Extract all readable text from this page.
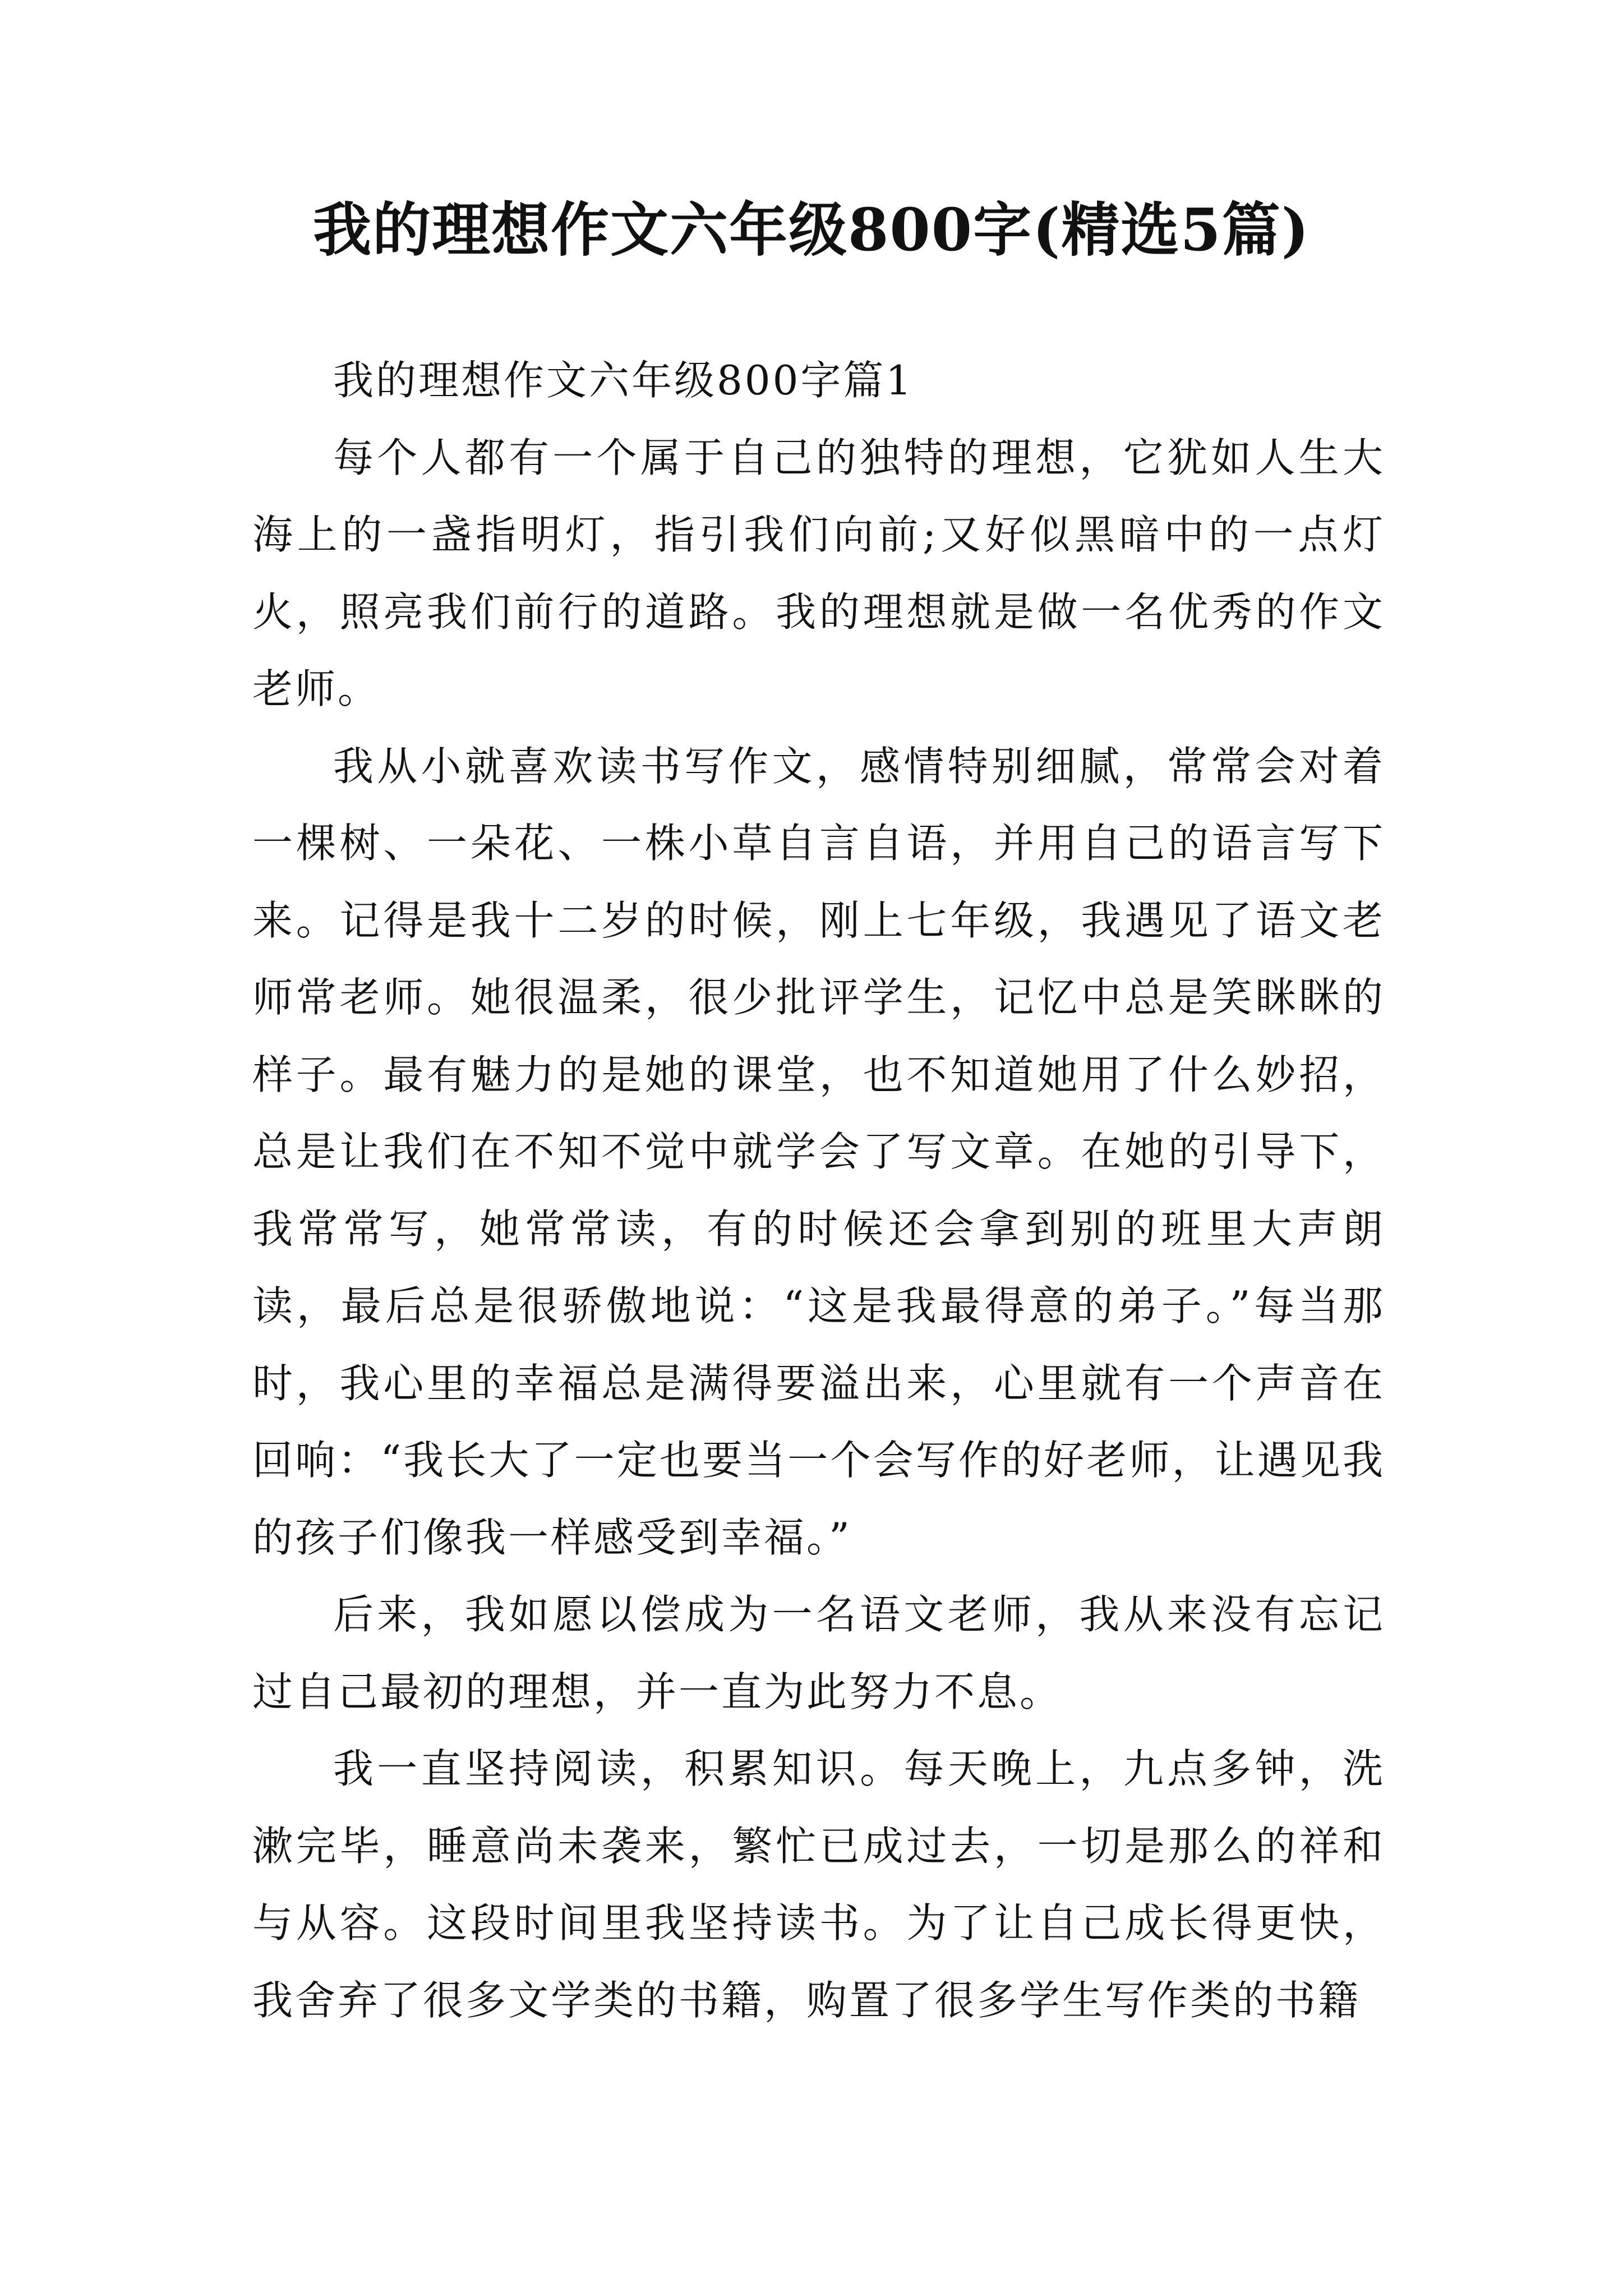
我的理想作文六年级800字(精选5篇)

我的理想作文六年级800字篇1

每个人都有一个属于自己的独特的理想，它犹如人生大海上的一盏指明灯，指引我们向前;又好似黑暗中的一点灯火，照亮我们前行的道路。我的理想就是做一名优秀的作文老师。

我从小就喜欢读书写作文，感情特别细腻，常常会对着一棵树、一朵花、一株小草自言自语，并用自己的语言写下来。记得是我十二岁的时候，刚上七年级，我遇见了语文老师常老师。她很温柔，很少批评学生，记忆中总是笑眯眯的样子。最有魅力的是她的课堂，也不知道她用了什么妙招，总是让我们在不知不觉中就学会了写文章。在她的引导下，我常常写，她常常读，有的时候还会拿到别的班里大声朗读，最后总是很骄傲地说：“这是我最得意的弟子。”每当那时，我心里的幸福总是满得要溢出来，心里就有一个声音在回响：“我长大了一定也要当一个会写作的好老师，让遇见我的孩子们像我一样感受到幸福。”

后来，我如愿以偿成为一名语文老师，我从来没有忘记过自己最初的理想，并一直为此努力不息。

我一直坚持阅读，积累知识。每天晚上，九点多钟，洗漱完毕，睡意尚未袭来，繁忙已成过去，一切是那么的祥和与从容。这段时间里我坚持读书。为了让自己成长得更快，我舍弃了很多文学类的书籍，购置了很多学生写作类的书籍
